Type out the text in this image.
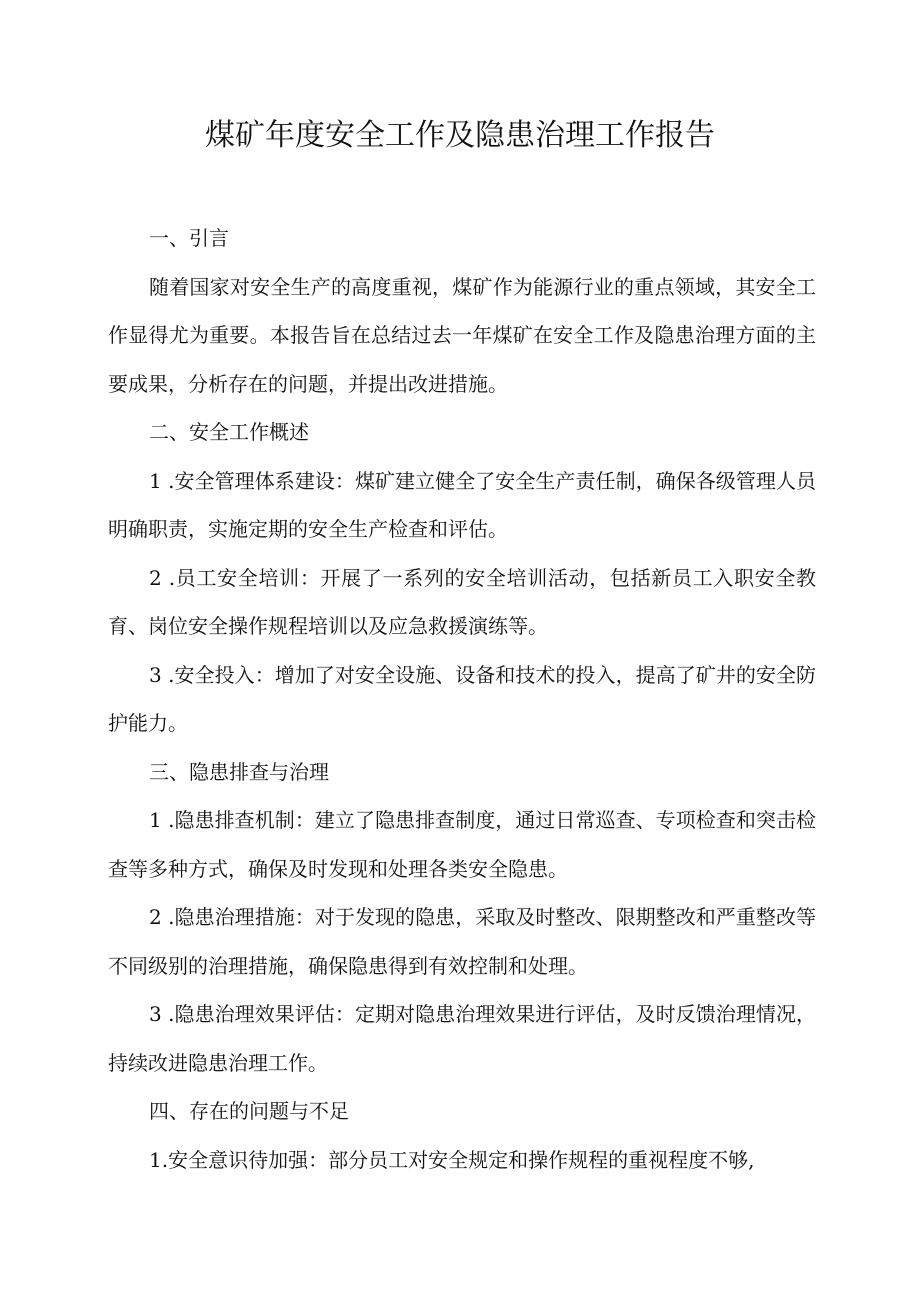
煤矿年度安全工作及隐患治理工作报告

一、引言

随着国家对安全生产的高度重视，煤矿作为能源行业的重点领域，其安全工作显得尤为重要。本报告旨在总结过去一年煤矿在安全工作及隐患治理方面的主要成果，分析存在的问题，并提出改进措施。

二、安全工作概述

1 .安全管理体系建设：煤矿建立健全了安全生产责任制，确保各级管理人员明确职责，实施定期的安全生产检查和评估。

2 .员工安全培训：开展了一系列的安全培训活动，包括新员工入职安全教育、岗位安全操作规程培训以及应急救援演练等。

3 .安全投入：增加了对安全设施、设备和技术的投入，提高了矿井的安全防护能力。

三、隐患排查与治理

1 .隐患排查机制：建立了隐患排查制度，通过日常巡查、专项检查和突击检查等多种方式，确保及时发现和处理各类安全隐患。

2 .隐患治理措施：对于发现的隐患，采取及时整改、限期整改和严重整改等不同级别的治理措施，确保隐患得到有效控制和处理。

3 .隐患治理效果评估：定期对隐患治理效果进行评估，及时反馈治理情况，持续改进隐患治理工作。

四、存在的问题与不足

1.安全意识待加强：部分员工对安全规定和操作规程的重视程度不够,
